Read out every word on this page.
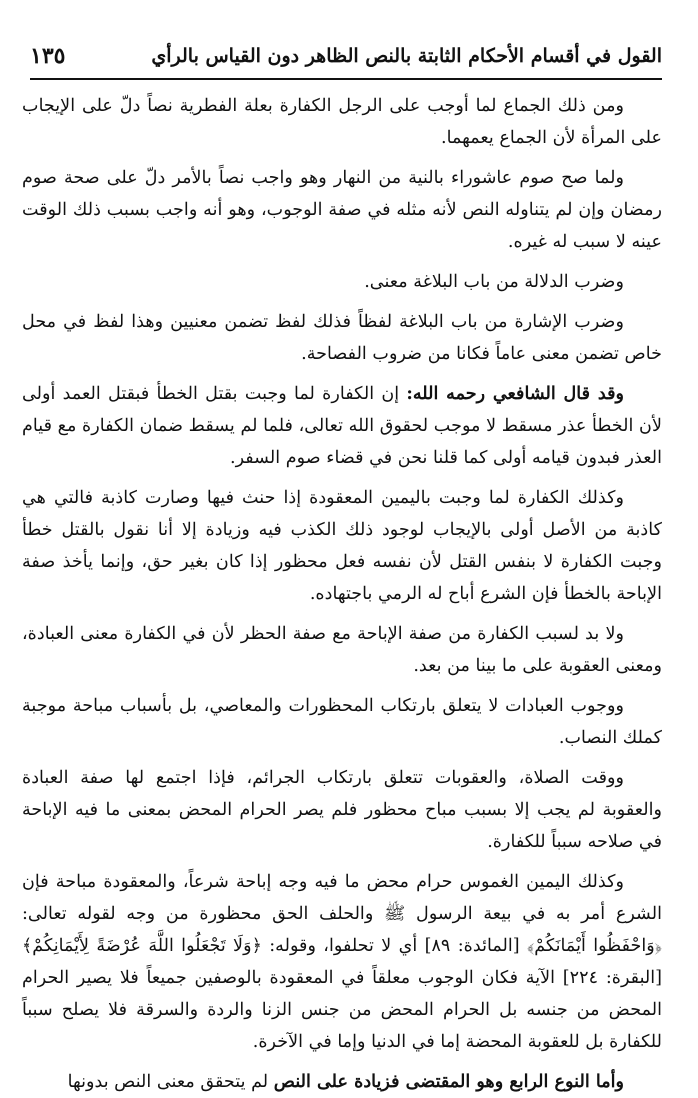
القول في أقسام الأحكام الثابتة بالنص الظاهر دون القياس بالرأي
١٣٥

ومن ذلك الجماع لما أوجب على الرجل الكفارة بعلة الفطرية نصاً دلّ على الإيجاب على المرأة لأن الجماع يعمهما.

ولما صح صوم عاشوراء بالنية من النهار وهو واجب نصاً بالأمر دلّ على صحة صوم رمضان وإن لم يتناوله النص لأنه مثله في صفة الوجوب، وهو أنه واجب بسبب ذلك الوقت عينه لا سبب له غيره.

وضرب الدلالة من باب البلاغة معنى.

وضرب الإشارة من باب البلاغة لفظاً فذلك لفظ تضمن معنيين وهذا لفظ في محل خاص تضمن معنى عاماً فكانا من ضروب الفصاحة.

وقد قال الشافعي رحمه الله: إن الكفارة لما وجبت بقتل الخطأ فبقتل العمد أولى لأن الخطأ عذر مسقط لا موجب لحقوق الله تعالى، فلما لم يسقط ضمان الكفارة مع قيام العذر فبدون قيامه أولى كما قلنا نحن في قضاء صوم السفر.

وكذلك الكفارة لما وجبت باليمين المعقودة إذا حنث فيها وصارت كاذبة فالتي هي كاذبة من الأصل أولى بالإيجاب لوجود ذلك الكذب فيه وزيادة إلا أنا نقول بالقتل خطأ وجبت الكفارة لا بنفس القتل لأن نفسه فعل محظور إذا كان بغير حق، وإنما يأخذ صفة الإباحة بالخطأ فإن الشرع أباح له الرمي باجتهاده.

ولا بد لسبب الكفارة من صفة الإباحة مع صفة الحظر لأن في الكفارة معنى العبادة، ومعنى العقوبة على ما بينا من بعد.

ووجوب العبادات لا يتعلق بارتكاب المحظورات والمعاصي، بل بأسباب مباحة موجبة كملك النصاب.

ووقت الصلاة، والعقوبات تتعلق بارتكاب الجرائم، فإذا اجتمع لها صفة العبادة والعقوبة لم يجب إلا بسبب مباح محظور فلم يصر الحرام المحض بمعنى ما فيه الإباحة في صلاحه سبباً للكفارة.

وكذلك اليمين الغموس حرام محض ما فيه وجه إباحة شرعاً، والمعقودة مباحة فإن الشرع أمر به في بيعة الرسول ﷺ والحلف الحق محظورة من وجه لقوله تعالى: ﴿وَاحْفَظُوا أَيْمَانَكُمْ﴾ [المائدة: ٨٩] أي لا تحلفوا، وقوله: ﴿وَلَا تَجْعَلُوا اللَّهَ عُرْضَةً لِأَيْمَانِكُمْ﴾ [البقرة: ٢٢٤] الآية فكان الوجوب معلقاً في المعقودة بالوصفين جميعاً فلا يصير الحرام المحض من جنسه بل الحرام المحض من جنس الزنا والردة والسرقة فلا يصلح سبباً للكفارة بل للعقوبة المحضة إما في الدنيا وإما في الآخرة.

وأما النوع الرابع وهو المقتضى فزيادة على النص لم يتحقق معنى النص بدونها
